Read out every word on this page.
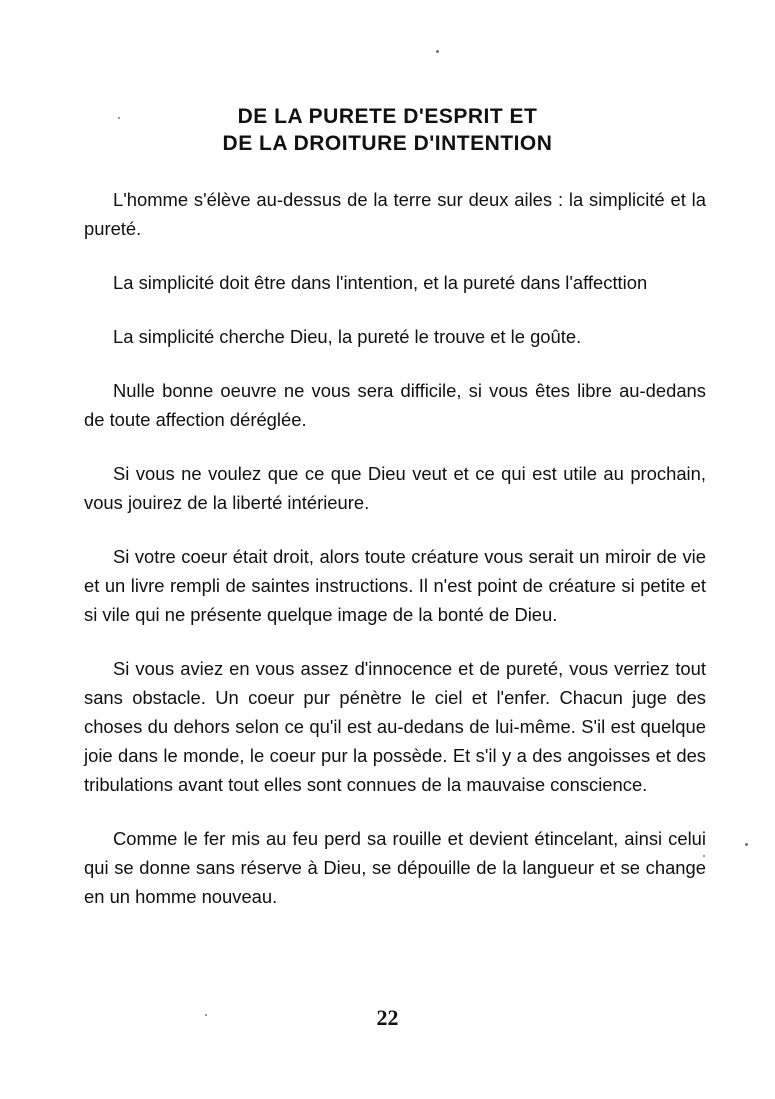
DE LA PURETE D'ESPRIT ET
DE LA DROITURE D'INTENTION

L'homme s'élève au-dessus de la terre sur deux ailes : la simplicité et la pureté.

La simplicité doit être dans l'intention, et la pureté dans l'affecttion

La simplicité cherche Dieu, la pureté le trouve et le goûte.

Nulle bonne oeuvre ne vous sera difficile, si vous êtes libre au-dedans de toute affection déréglée.

Si vous ne voulez que ce que Dieu veut et ce qui est utile au prochain, vous jouirez de la liberté intérieure.

Si votre coeur était droit, alors toute créature vous serait un miroir de vie et un livre rempli de saintes instructions. Il n'est point de créature si petite et si vile qui ne présente quelque image de la bonté de Dieu.

Si vous aviez en vous assez d'innocence et de pureté, vous verriez tout sans obstacle. Un coeur pur pénètre le ciel et l'enfer. Chacun juge des choses du dehors selon ce qu'il est au-dedans de lui-même. S'il est quelque joie dans le monde, le coeur pur la possède. Et s'il y a des angoisses et des tribulations avant tout elles sont connues de la mauvaise conscience.

Comme le fer mis au feu perd sa rouille et devient étincelant, ainsi celui qui se donne sans réserve à Dieu, se dépouille de la langueur et se change en un homme nouveau.

22
